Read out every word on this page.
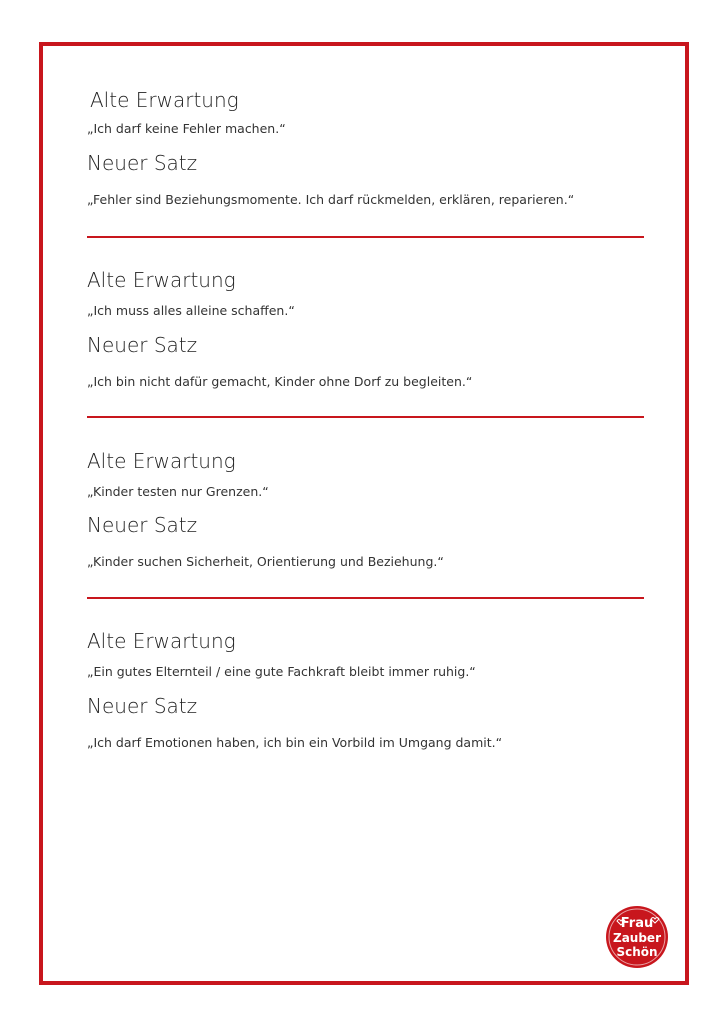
Alte Erwartung
„Ich darf keine Fehler machen.“
Neuer Satz
„Fehler sind Beziehungsmomente. Ich darf rückmelden, erklären, reparieren.“
Alte Erwartung
„Ich muss alles alleine schaffen.“
Neuer Satz
„Ich bin nicht dafür gemacht, Kinder ohne Dorf zu begleiten.“
Alte Erwartung
„Kinder testen nur Grenzen.“
Neuer Satz
„Kinder suchen Sicherheit, Orientierung und Beziehung.“
Alte Erwartung
„Ein gutes Elternteil / eine gute Fachkraft bleibt immer ruhig.“
Neuer Satz
„Ich darf Emotionen haben, ich bin ein Vorbild im Umgang damit.“
Frau
Zauber
Schön
